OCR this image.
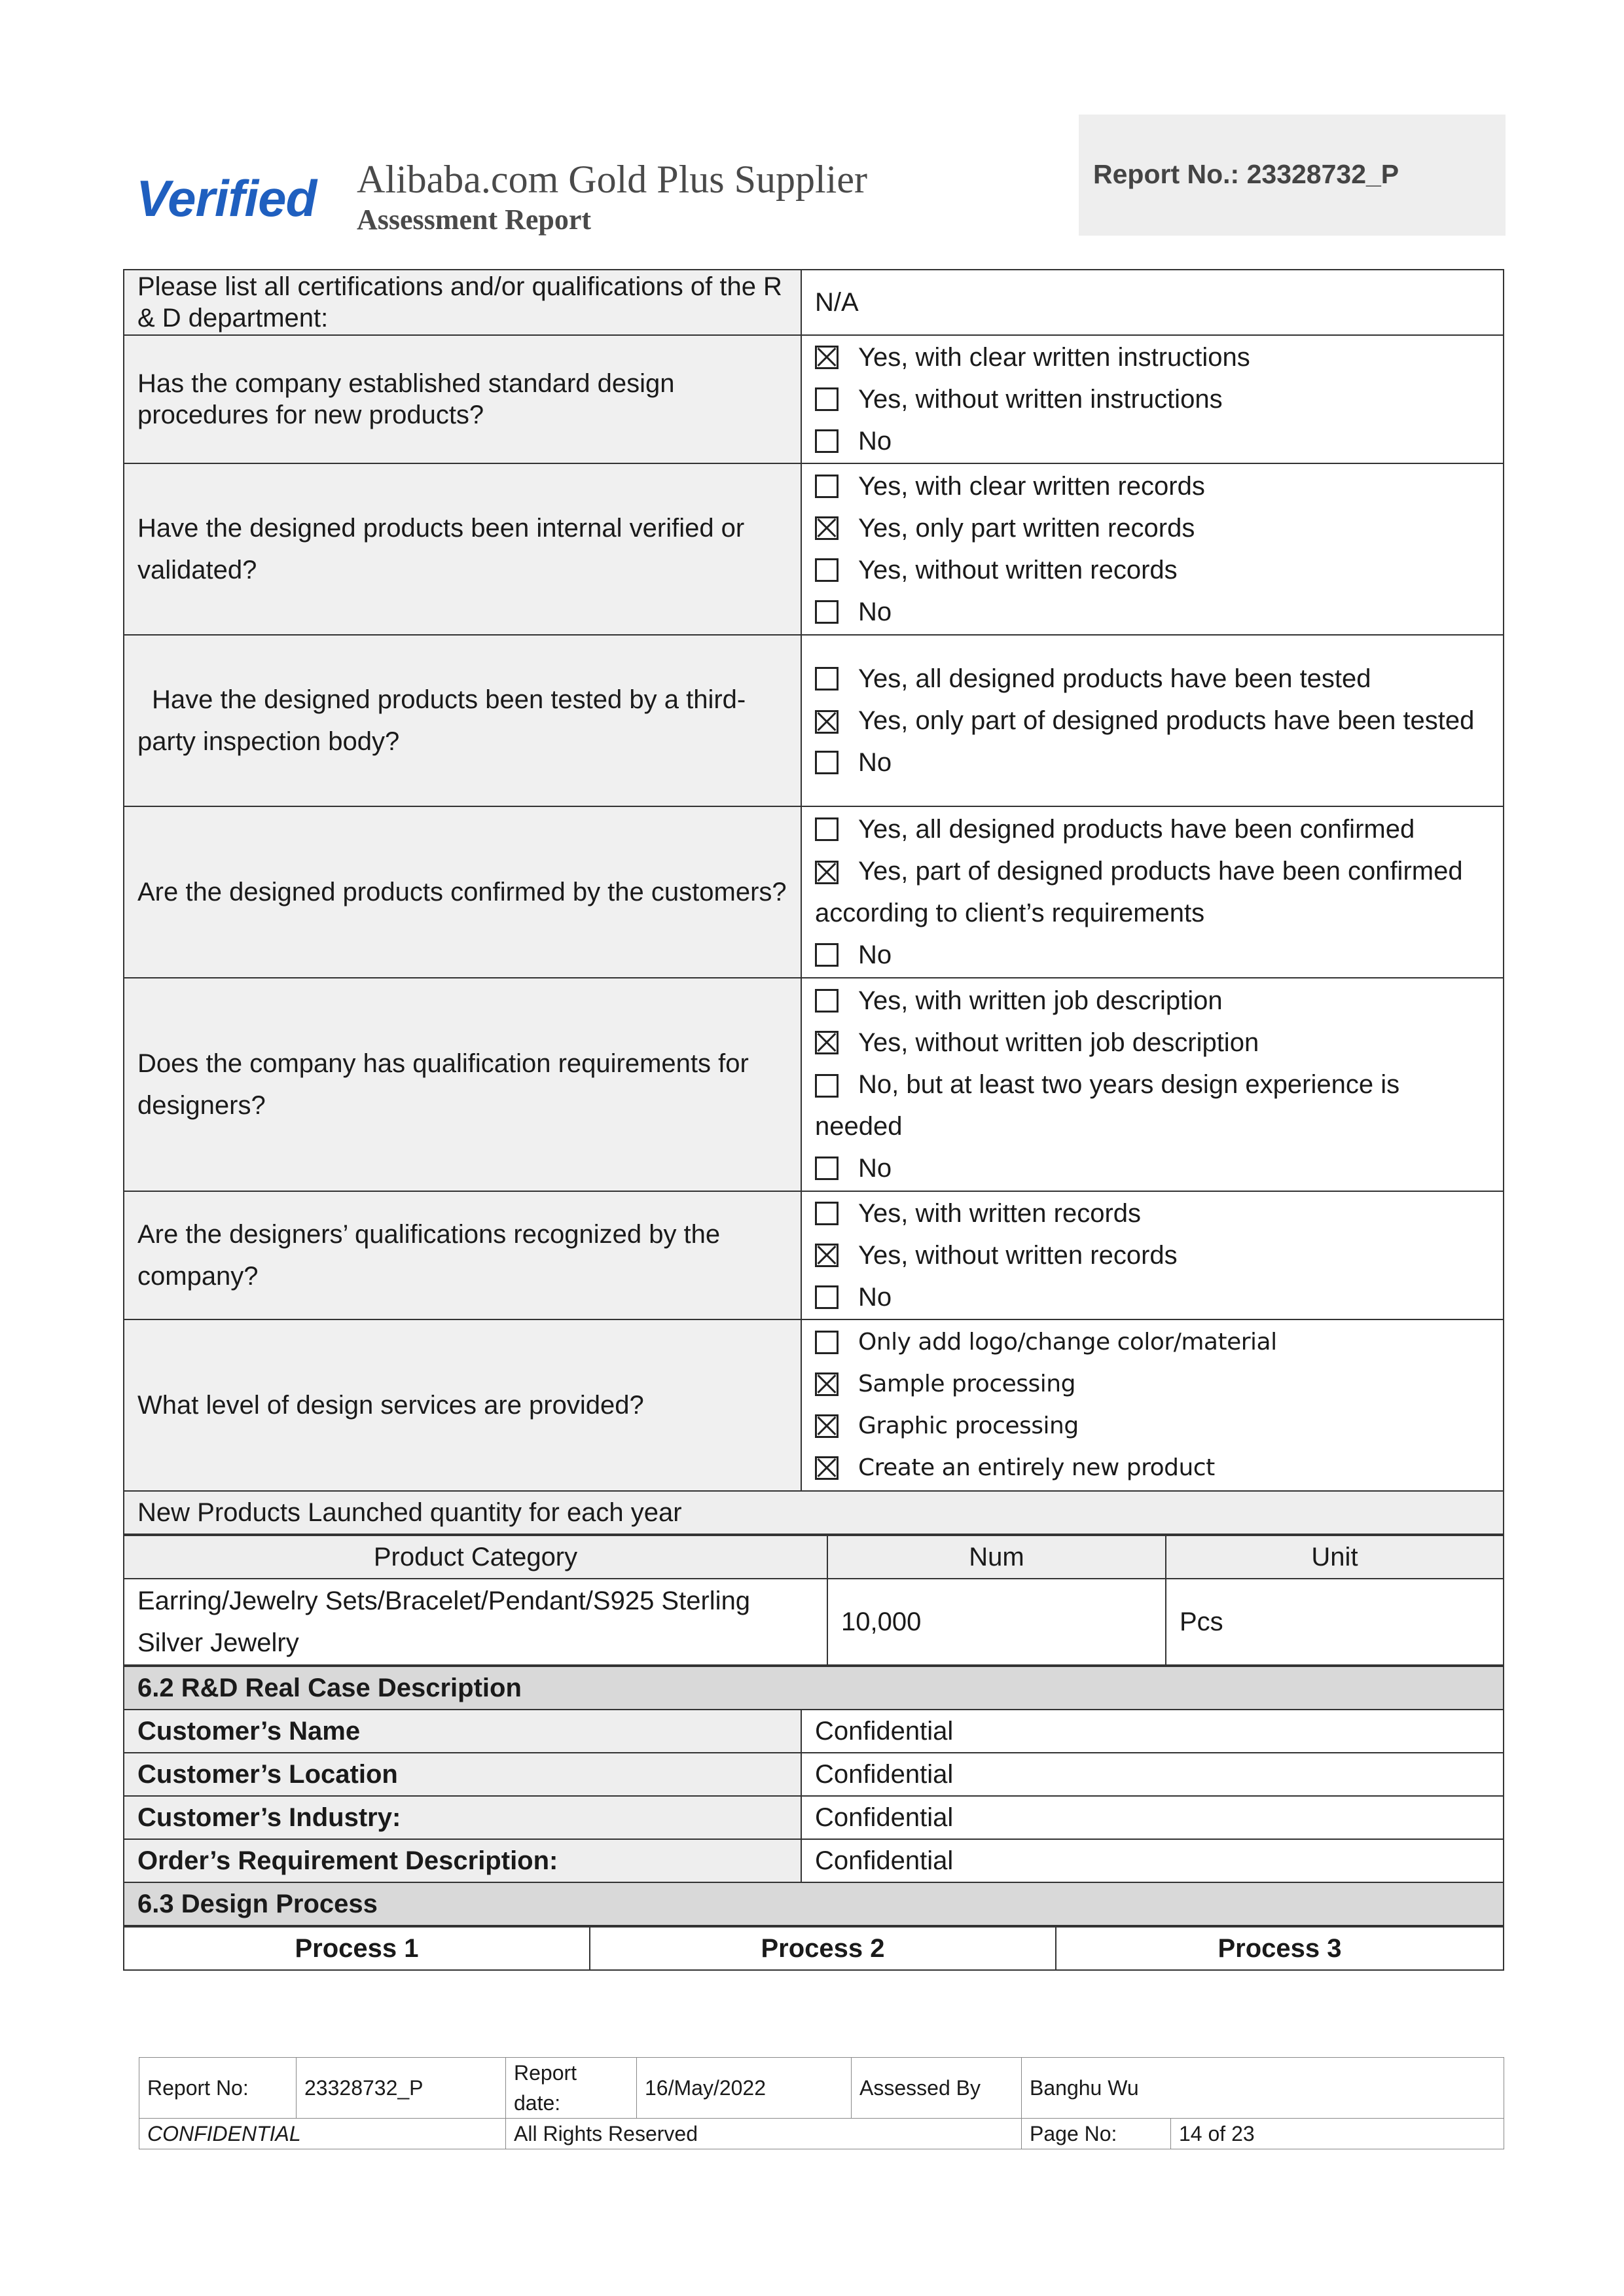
Verified Alibaba.com Gold Plus Supplier
Assessment Report
Report No.: 23328732_P
Please list all certifications and/or qualifications of the R & D department:	N/A
Has the company established standard design procedures for new products?	Yes, with clear written instructions
Yes, without written instructions
No

Have the designed products been internal verified or validated?	Yes, with clear written records
Yes, only part written records
Yes, without written records
No

Have the designed products been tested by a third-party inspection body?	Yes, all designed products have been tested
Yes, only part of designed products have been tested
No

Are the designed products confirmed by the customers?	Yes, all designed products have been confirmed
Yes, part of designed products have been confirmed according to client’s requirements
No

Does the company has qualification requirements for designers?	Yes, with written job description
Yes, without written job description
No, but at least two years design experience is needed
No

Are the designers’ qualifications recognized by the company?	Yes, with written records
Yes, without written records
No

What level of design services are provided?	Only add logo/change color/material
Sample processing
Graphic processing
Create an entirely new product

New Products Launched quantity for each year	
Product Category	Num	Unit
Earring/Jewelry Sets/Bracelet/Pendant/S925 Sterling Silver Jewelry	10,000	Pcs
6.2 R&D Real Case Description	
Customer’s Name	Confidential
Customer’s Location	Confidential
Customer’s Industry:	Confidential
Order’s Requirement Description:	Confidential
6.3 Design Process	
Process 1	Process 2	Process 3
Report No:	23328732_P	Report date:	16/May/2022	Assessed By	Banghu Wu	
CONFIDENTIAL		All Rights Reserved			Page No:	14 of 23
